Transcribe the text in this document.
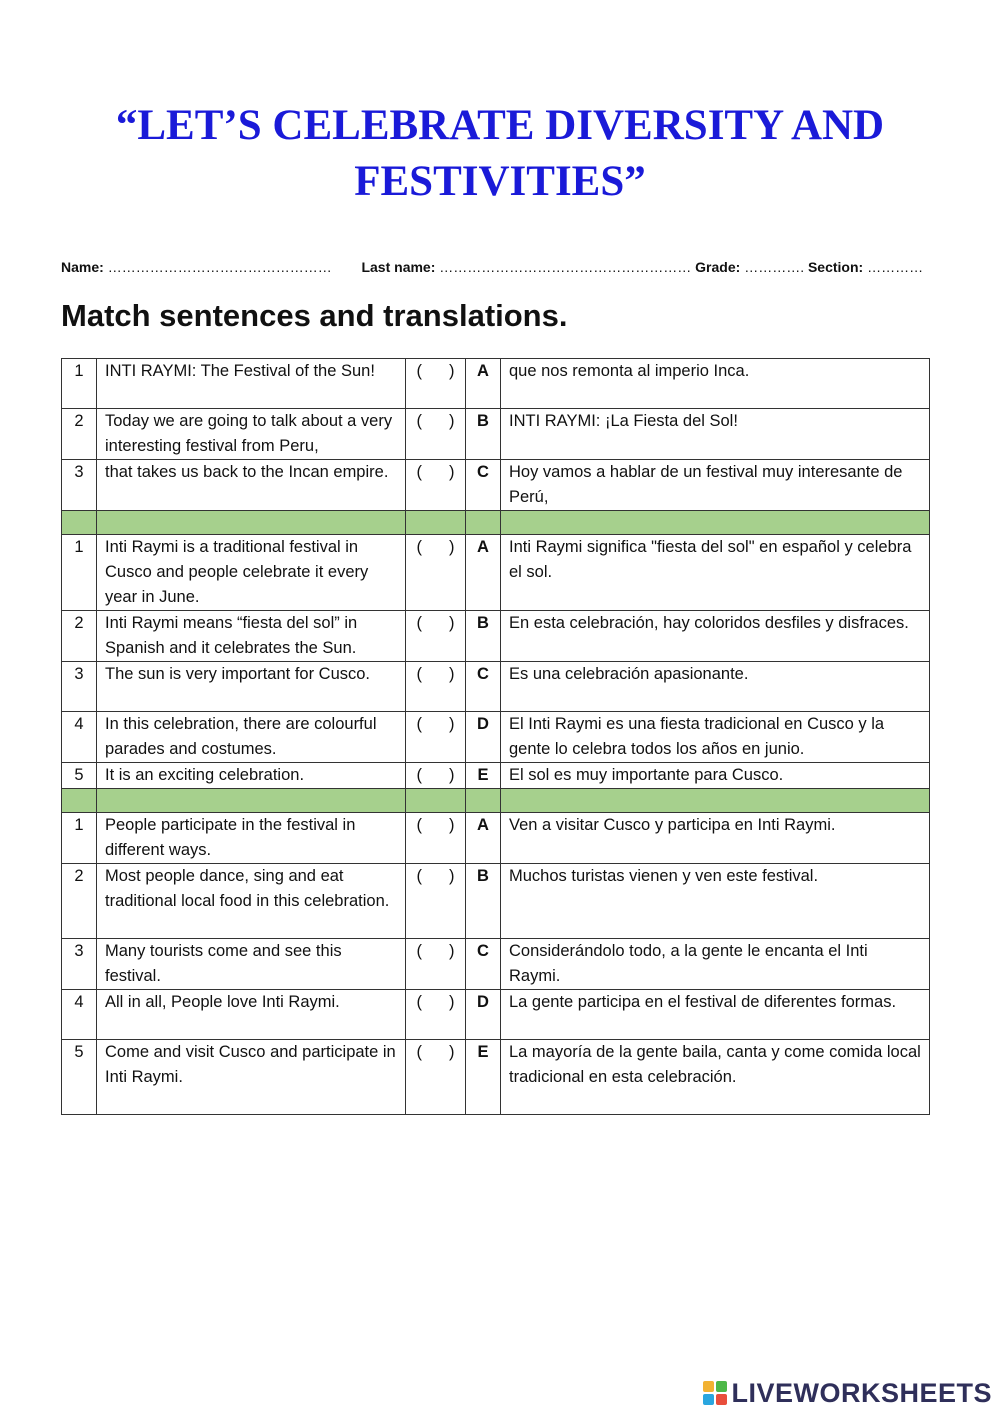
“LET’S CELEBRATE DIVERSITY AND FESTIVITIES”
Name: ………………………………………… Last name: ……………………………………………… Grade: …………. Section: …………
Match sentences and translations.
1	INTI RAYMI: The Festival of the Sun!	( )	A	que nos remonta al imperio Inca.
2	Today we are going to talk about a very interesting festival from Peru,	( )	B	INTI RAYMI: ¡La Fiesta del Sol!
3	that takes us back to the Incan empire.	( )	C	Hoy vamos a hablar de un festival muy interesante de Perú,

1	Inti Raymi is a traditional festival in Cusco and people celebrate it every year in June.	( )	A	Inti Raymi significa "fiesta del sol" en español y celebra el sol.
2	Inti Raymi means “fiesta del sol” in Spanish and it celebrates the Sun.	( )	B	En esta celebración, hay coloridos desfiles y disfraces.
3	The sun is very important for Cusco.	( )	C	Es una celebración apasionante.
4	In this celebration, there are colourful parades and costumes.	( )	D	El Inti Raymi es una fiesta tradicional en Cusco y la gente lo celebra todos los años en junio.
5	It is an exciting celebration.	( )	E	El sol es muy importante para Cusco.

1	People participate in the festival in different ways.	( )	A	Ven a visitar Cusco y participa en Inti Raymi.
2	Most people dance, sing and eat traditional local food in this celebration.	( )	B	Muchos turistas vienen y ven este festival.
3	Many tourists come and see this festival.	( )	C	Considerándolo todo, a la gente le encanta el Inti Raymi.
4	All in all, People love Inti Raymi.	( )	D	La gente participa en el festival de diferentes formas.
5	Come and visit Cusco and participate in Inti Raymi.	( )	E	La mayoría de la gente baila, canta y come comida local tradicional en esta celebración.
LIVEWORKSHEETS
